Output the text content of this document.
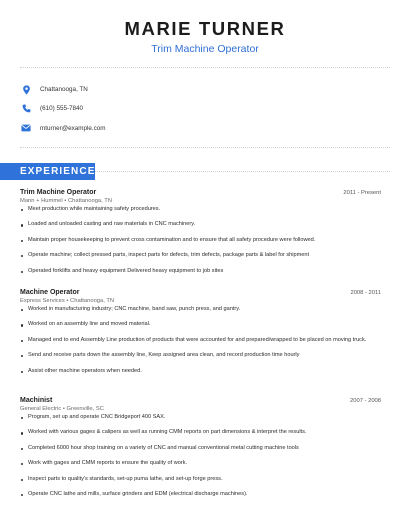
MARIE TURNER
Trim Machine Operator
Chattanooga, TN
(610) 555-7840
mturner@example.com
EXPERIENCE
Trim Machine Operator	2011 - Present
Mann + Hummel • Chattanooga, TN
Meet production while maintaining safety procedures.
Loaded and unloaded casting and raw materials in CNC machinery.
Maintain proper housekeeping to prevent cross contamination and to ensure that all safety procedure were followed.
Operate machine; collect pressed parts, inspect parts for defects, trim defects, package parts & label for shipment
Operated forklifts and heavy equipment Delivered heavy equipment to job sites
Machine Operator	2008 - 2011
Express Services • Chattanooga, TN
Worked in manufacturing industry; CNC machine, band saw, punch press, and gantry.
Worked on an assembly line and moved material.
Managed end to end Assembly Line production of products that were accounted for and prepared/wrapped to be placed on moving truck.
Send and receive parts down the assembly line, Keep assigned area clean, and record production time hourly
Assist other machine operators when needed.
Machinist	2007 - 2008
General Electric • Greenville, SC
Program, set up and operate CNC Bridgeport 400 SAX.
Worked with various gages & calipers as well as running CMM reports on part dimensions & interpret the results.
Completed 6000 hour shop training on a variety of CNC and manual conventional metal cutting machine tools
Work with gages and CMM reports to ensure the quality of work.
Inspect parts to quality's standards, set-up puma lathe, and set-up forge press.
Operate CNC lathe and mills, surface grinders and EDM (electrical discharge machines).
